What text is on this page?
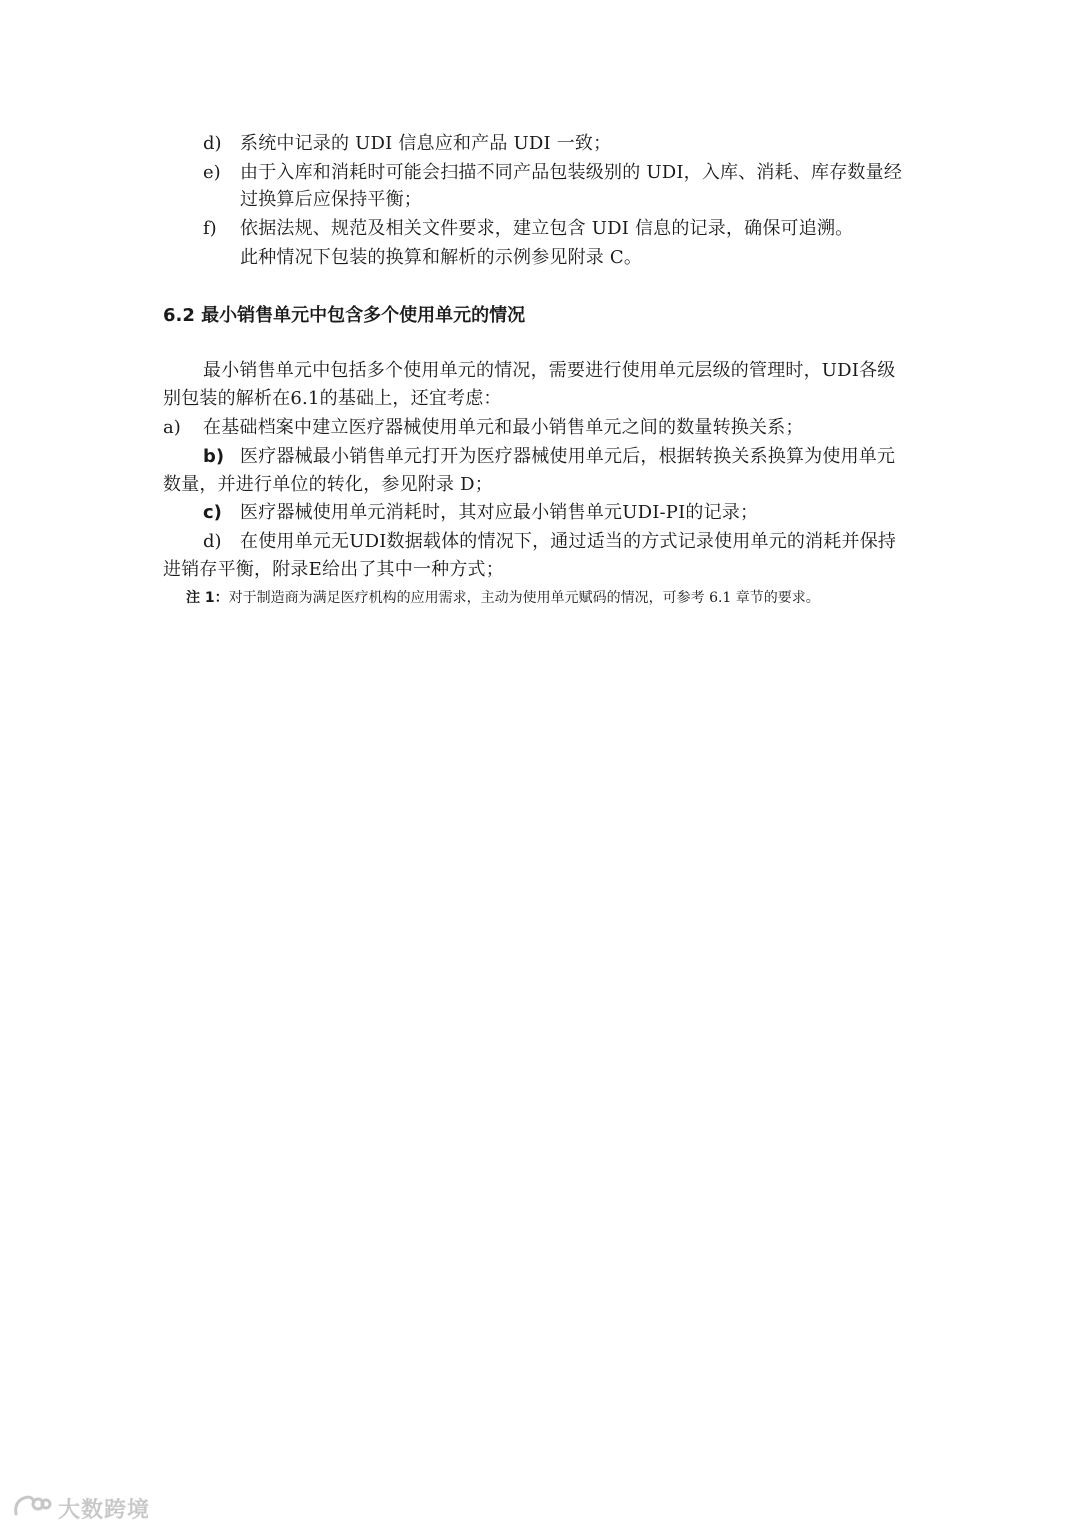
d) 系统中记录的 UDI 信息应和产品 UDI 一致；
e) 由于入库和消耗时可能会扫描不同产品包装级别的 UDI，入库、消耗、库存数量经
过换算后应保持平衡；
f) 依据法规、规范及相关文件要求，建立包含 UDI 信息的记录，确保可追溯。
此种情况下包装的换算和解析的示例参见附录 C。
6.2 最小销售单元中包含多个使用单元的情况
最小销售单元中包括多个使用单元的情况，需要进行使用单元层级的管理时，UDI各级
别包装的解析在6.1的基础上，还宜考虑：
a) 在基础档案中建立医疗器械使用单元和最小销售单元之间的数量转换关系；
b) 医疗器械最小销售单元打开为医疗器械使用单元后，根据转换关系换算为使用单元
数量，并进行单位的转化，参见附录 D；
c) 医疗器械使用单元消耗时，其对应最小销售单元UDI-PI的记录；
d) 在使用单元无UDI数据载体的情况下，通过适当的方式记录使用单元的消耗并保持
进销存平衡，附录E给出了其中一种方式；
注 1：对于制造商为满足医疗机构的应用需求，主动为使用单元赋码的情况，可参考 6.1 章节的要求。
大数跨境
